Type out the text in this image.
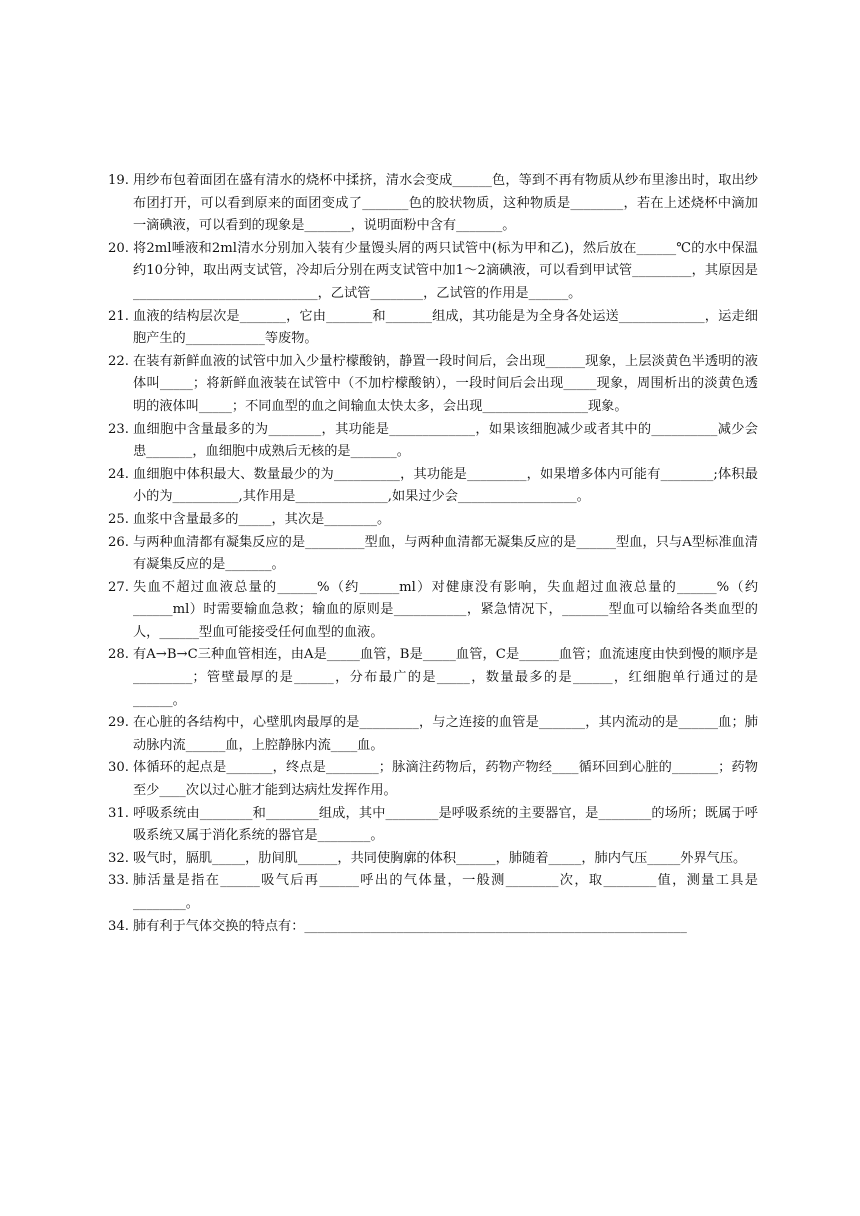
19. 用纱布包着面团在盛有清水的烧杯中揉挤，清水会变成______色，等到不再有物质从纱布里渗出时，取出纱布团打开，可以看到原来的面团变成了_______色的胶状物质，这种物质是________，若在上述烧杯中滴加一滴碘液，可以看到的现象是_______，说明面粉中含有_______。

20. 将2ml唾液和2ml清水分别加入装有少量馒头屑的两只试管中(标为甲和乙)，然后放在______℃的水中保温约10分钟，取出两支试管，冷却后分别在两支试管中加1～2滴碘液，可以看到甲试管_________，其原因是____________________________，乙试管________，乙试管的作用是______。

21. 血液的结构层次是_______，它由_______和_______组成，其功能是为全身各处运送_____________，运走细胞产生的____________等废物。

22. 在装有新鲜血液的试管中加入少量柠檬酸钠，静置一段时间后，会出现______现象，上层淡黄色半透明的液体叫_____；将新鲜血液装在试管中（不加柠檬酸钠），一段时间后会出现_____现象，周围析出的淡黄色透明的液体叫_____；不同血型的血之间输血太快太多，会出现________________现象。

23. 血细胞中含量最多的为________，其功能是_____________，如果该细胞减少或者其中的__________减少会患_______，血细胞中成熟后无核的是_______。

24. 血细胞中体积最大、数量最少的为__________，其功能是_________，如果增多体内可能有________;体积最小的为__________,其作用是______________,如果过少会__________________。

25. 血浆中含量最多的_____，其次是________。

26. 与两种血清都有凝集反应的是_________型血，与两种血清都无凝集反应的是______型血，只与A型标准血清有凝集反应的是_______。

27. 失血不超过血液总量的______%（约______ml）对健康没有影响，失血超过血液总量的______%（约______ml）时需要输血急救；输血的原则是___________，紧急情况下，_______型血可以输给各类血型的人，______型血可能接受任何血型的血液。

28. 有A→B→C三种血管相连，由A是_____血管，B是_____血管，C是______血管；血流速度由快到慢的顺序是_________；管壁最厚的是______，分布最广的是_____，数量最多的是______，红细胞单行通过的是______。

29. 在心脏的各结构中，心壁肌肉最厚的是_________，与之连接的血管是_______，其内流动的是______血；肺动脉内流______血，上腔静脉内流____血。

30. 体循环的起点是_______，终点是________；脉滴注药物后，药物产物经____循环回到心脏的_______；药物至少____次以过心脏才能到达病灶发挥作用。

31. 呼吸系统由________和________组成，其中________是呼吸系统的主要器官，是________的场所；既属于呼吸系统又属于消化系统的器官是________。

32. 吸气时，膈肌_____，肋间肌______，共同使胸廓的体积______，肺随着_____，肺内气压_____外界气压。

33. 肺活量是指在______吸气后再______呼出的气体量，一般测________次，取________值，测量工具是________。

34. 肺有利于气体交换的特点有：__________________________________________________________
